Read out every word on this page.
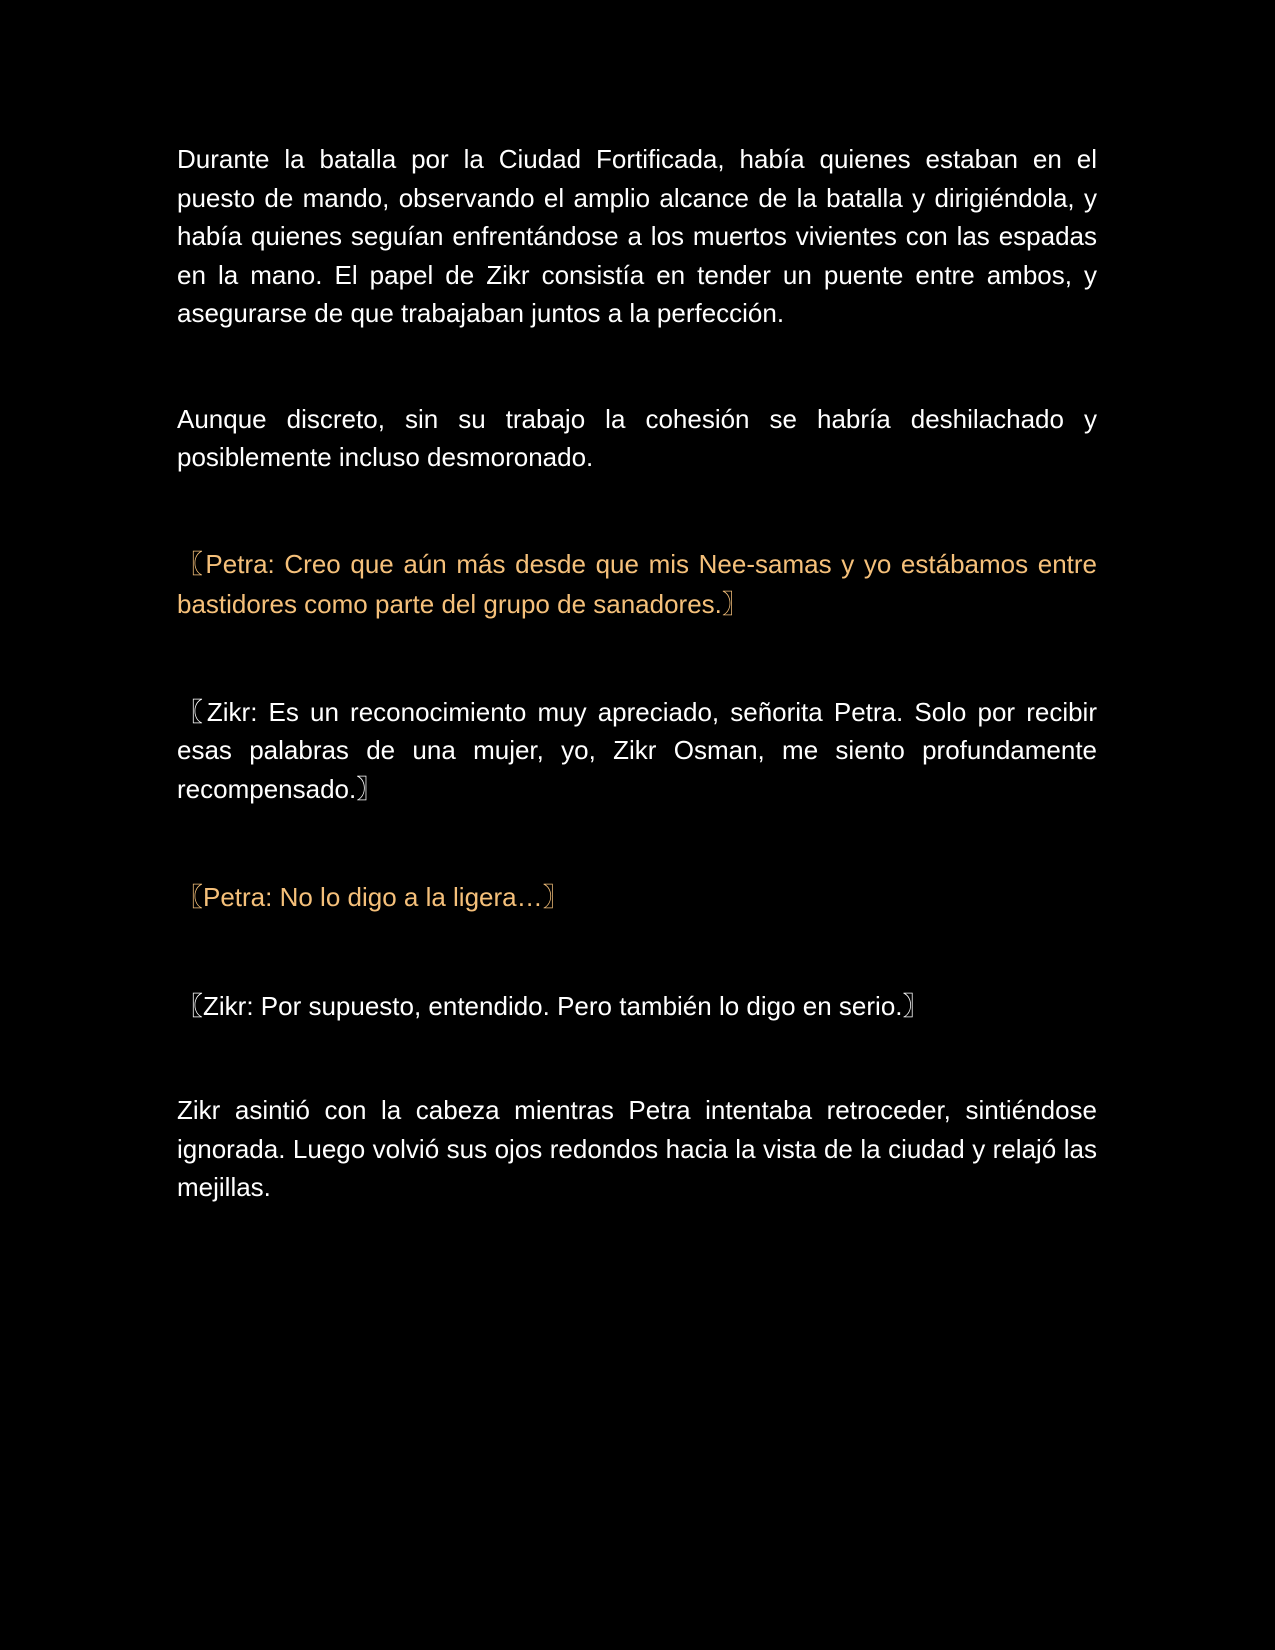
Durante la batalla por la Ciudad Fortificada, había quienes estaban en el puesto de mando, observando el amplio alcance de la batalla y dirigiéndola, y había quienes seguían enfrentándose a los muertos vivientes con las espadas en la mano. El papel de Zikr consistía en tender un puente entre ambos, y asegurarse de que trabajaban juntos a la perfección.

Aunque discreto, sin su trabajo la cohesión se habría deshilachado y posiblemente incluso desmoronado.

〖Petra: Creo que aún más desde que mis Nee-samas y yo estábamos entre bastidores como parte del grupo de sanadores.〗

〖Zikr: Es un reconocimiento muy apreciado, señorita Petra. Solo por recibir esas palabras de una mujer, yo, Zikr Osman, me siento profundamente recompensado.〗

〖Petra: No lo digo a la ligera…〗

〖Zikr: Por supuesto, entendido. Pero también lo digo en serio.〗

Zikr asintió con la cabeza mientras Petra intentaba retroceder, sintiéndose ignorada. Luego volvió sus ojos redondos hacia la vista de la ciudad y relajó las mejillas.
